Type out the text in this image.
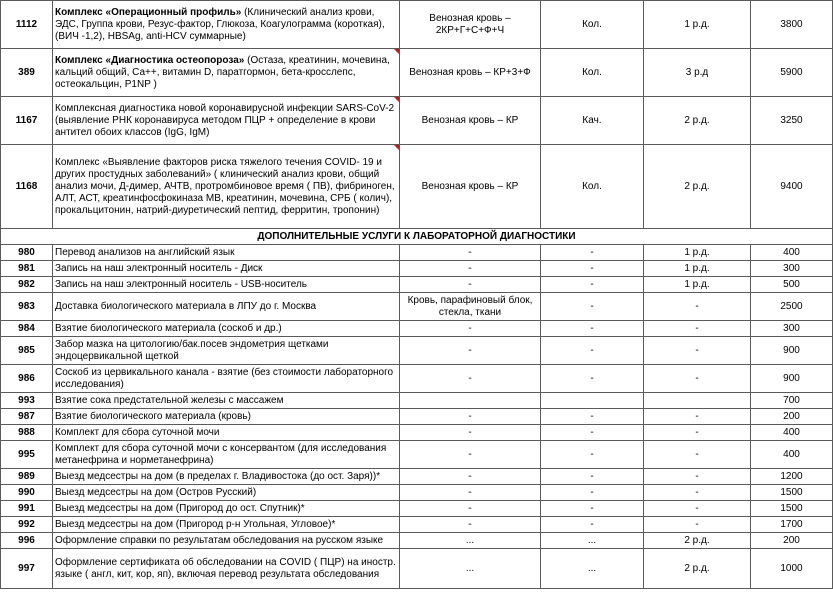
1112	Комплекс «Операционный профиль» (Клинический анализ крови, ЭДС, Группа крови, Резус-фактор, Глюкоза, Коагулограмма (короткая), (ВИЧ -1,2), HBSAg, anti-HCV суммарные)	Венозная кровь – 2КР+Г+С+Ф+Ч	Кол.	1 р.д.	3800
389	Комплекс «Диагностика остеопороза» (Остаза, креатинин, мочевина, кальций общий, Са++, витамин D, паратгормон, бета-кросслепс, остеокальцин, P1NP )	Венозная кровь – КР+3+Ф	Кол.	3 р.д	5900
1167	Комплексная диагностика новой коронавирусной инфекции SARS-CoV-2 (выявление РНК коронавируса методом ПЦР + определение в крови антител обоих классов (IgG, IgM)	Венозная кровь – КР	Кач.	2 р.д.	3250
1168	Комплекс «Выявление факторов риска тяжелого течения COVID- 19 и других простудных заболеваний» ( клинический анализ крови, общий анализ мочи, Д-димер, АЧТВ, протромбиновое время ( ПВ), фибриноген, АЛТ, АСТ, креатинфосфокиназа МВ, креатинин, мочевина, СРБ ( колич), прокальцитонин, натрий-диуретический пептид, ферритин, тропонин)	Венозная кровь – КР	Кол.	2 р.д.	9400
ДОПОЛНИТЕЛЬНЫЕ УСЛУГИ К ЛАБОРАТОРНОЙ ДИАГНОСТИКИ					
980	Перевод анализов на английский язык	-	-	1 р.д.	400
981	Запись на наш электронный носитель - Диск	-	-	1 р.д.	300
982	Запись на наш электронный носитель - USB-носитель	-	-	1 р.д.	500
983	Доставка биологического материала в ЛПУ до г. Москва	Кровь, парафиновый блок, стекла, ткани	-	-	2500
984	Взятие биологического материала (соскоб и др.)	-	-	-	300
985	Забор мазка на цитологию/бак.посев эндометрия щетками эндоцервикальной щеткой	-	-	-	900
986	Соскоб из цервикального канала - взятие (без стоимости лабораторного исследования)	-	-	-	900
993	Взятие сока предстательной железы с массажем				700
987	Взятие биологического материала (кровь)	-	-	-	200
988	Комплект для сбора суточной мочи	-	-	-	400
995	Комплект для сбора суточной мочи с консервантом (для исследования метанефрина и норметанефрина)	-	-	-	400
989	Выезд медсестры на дом (в пределах г. Владивостока (до ост. Заря))*	-	-	-	1200
990	Выезд медсестры на дом (Остров Русский)	-	-	-	1500
991	Выезд медсестры на дом (Пригород до ост. Спутник)*	-	-	-	1500
992	Выезд медсестры на дом (Пригород р-н Угольная, Угловое)*	-	-	-	1700
996	Оформление справки по результатам обследования на русском языке	...	...	2 р.д.	200
997	Оформление сертификата об обследовании на COVID ( ПЦР) на иностр. языке ( англ, кит, кор, яп), включая перевод результата обследования	...	...	2 р.д.	1000
